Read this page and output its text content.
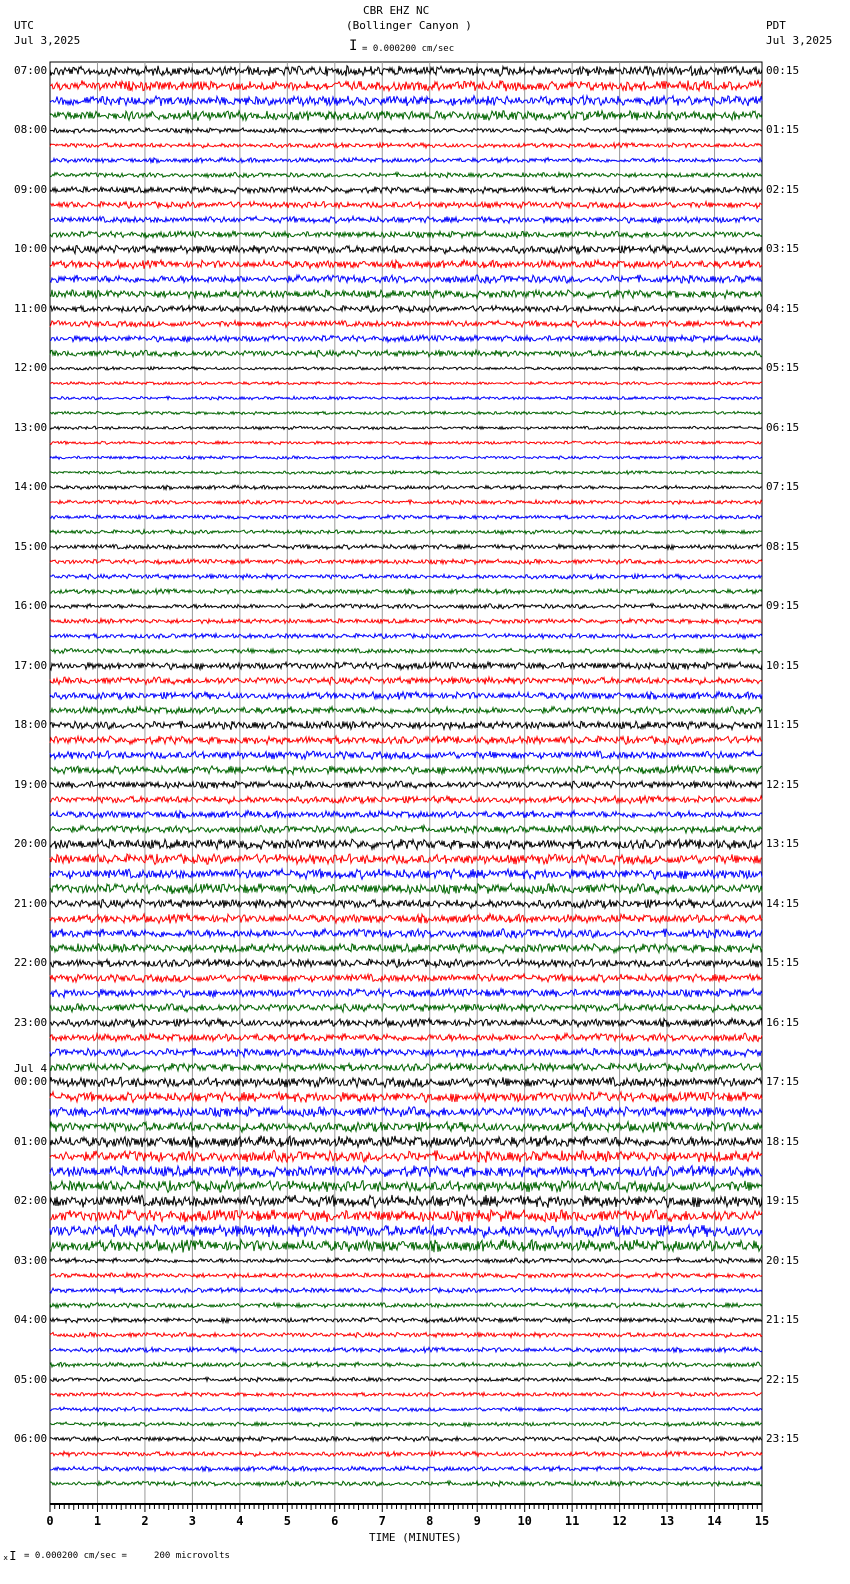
CBR EHZ NC
(Bollinger Canyon )
UTC
Jul 3,2025
PDT
Jul 3,2025
I = 0.000200 cm/sec
0	1	2	3	4	5	6	7	8	9	10	11	12	13	14	15
07:00	00:15
08:00	01:15
09:00	02:15
10:00	03:15
11:00	04:15
12:00	05:15
13:00	06:15
14:00	07:15
15:00	08:15
16:00	09:15
17:00	10:15
18:00	11:15
19:00	12:15
20:00	13:15
21:00	14:15
22:00	15:15
23:00	16:15
00:00	17:15
Jul 4
01:00	18:15
02:00	19:15
03:00	20:15
04:00	21:15
05:00	22:15
06:00	23:15
TIME (MINUTES)
ₓI = 0.000200 cm/sec =     200 microvolts
